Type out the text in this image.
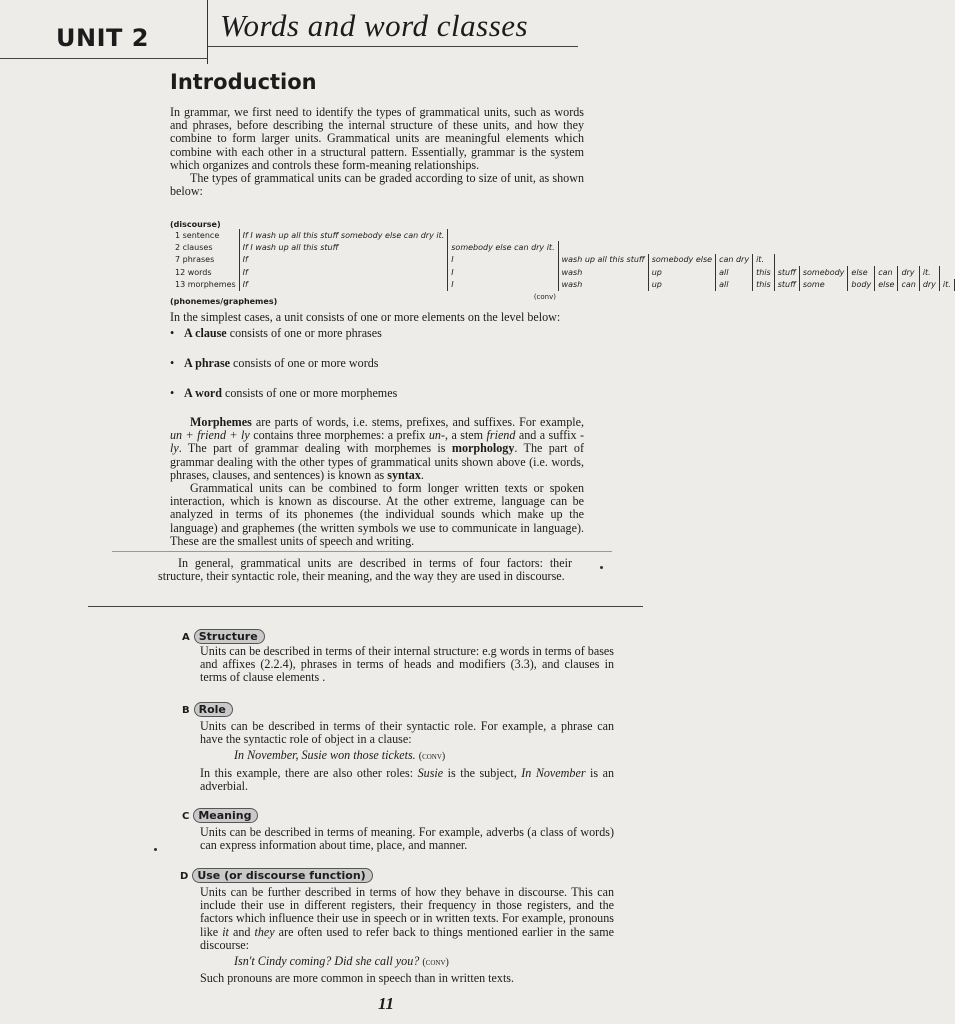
UNIT 2 Words and word classes
Introduction

In grammar, we first need to identify the types of grammatical units, such as words and phrases, before describing the internal structure of these units, and how they combine to form larger units. Grammatical units are meaningful elements which combine with each other in a structural pattern. Essentially, grammar is the system which organizes and controls these form-meaning relationships.

The types of grammatical units can be graded according to size of unit, as shown below:

(discourse)
1 sentence	If I wash up all this stuff somebody else can dry it.												
2 clauses	If I wash up all this stuff	somebody else can dry it.											
7 phrases	If	I	wash up all this stuff	somebody else	can dry	it.							
12 words	If	I	wash	up	all	this	stuff	somebody	else	can	dry	it.	
13 morphemes	If	I	wash	up	all	this	stuff	some	body	else	can	dry	it.
(phonemes/graphemes)	(conv)
In the simplest cases, a unit consists of one or more elements on the level below:
• A clause consists of one or more phrases
• A phrase consists of one or more words
• A word consists of one or more morphemes

Morphemes are parts of words, i.e. stems, prefixes, and suffixes. For example, un + friend + ly contains three morphemes: a prefix un-, a stem friend and a suffix -ly. The part of grammar dealing with morphemes is morphology. The part of grammar dealing with the other types of grammatical units shown above (i.e. words, phrases, clauses, and sentences) is known as syntax.

Grammatical units can be combined to form longer written texts or spoken interaction, which is known as discourse. At the other extreme, language can be analyzed in terms of its phonemes (the individual sounds which make up the language) and graphemes (the written symbols we use to communicate in language). These are the smallest units of speech and writing.

In general, grammatical units are described in terms of four factors: their structure, their syntactic role, their meaning, and the way they are used in discourse.

A Structure
Units can be described in terms of their internal structure: e.g words in terms of bases and affixes (2.2.4), phrases in terms of heads and modifiers (3.3), and clauses in terms of clause elements .
B Role

Units can be described in terms of their syntactic role. For example, a phrase can have the syntactic role of object in a clause:

In November, Susie won those tickets. (conv)

In this example, there are also other roles: Susie is the subject, In November is an adverbial.

C Meaning
Units can be described in terms of meaning. For example, adverbs (a class of words) can express information about time, place, and manner.
D Use (or discourse function)

Units can be further described in terms of how they behave in discourse. This can include their use in different registers, their frequency in those registers, and the factors which influence their use in speech or in written texts. For example, pronouns like it and they are often used to refer back to things mentioned earlier in the same discourse:

Isn't Cindy coming? Did she call you? (conv)

Such pronouns are more common in speech than in written texts.

11
